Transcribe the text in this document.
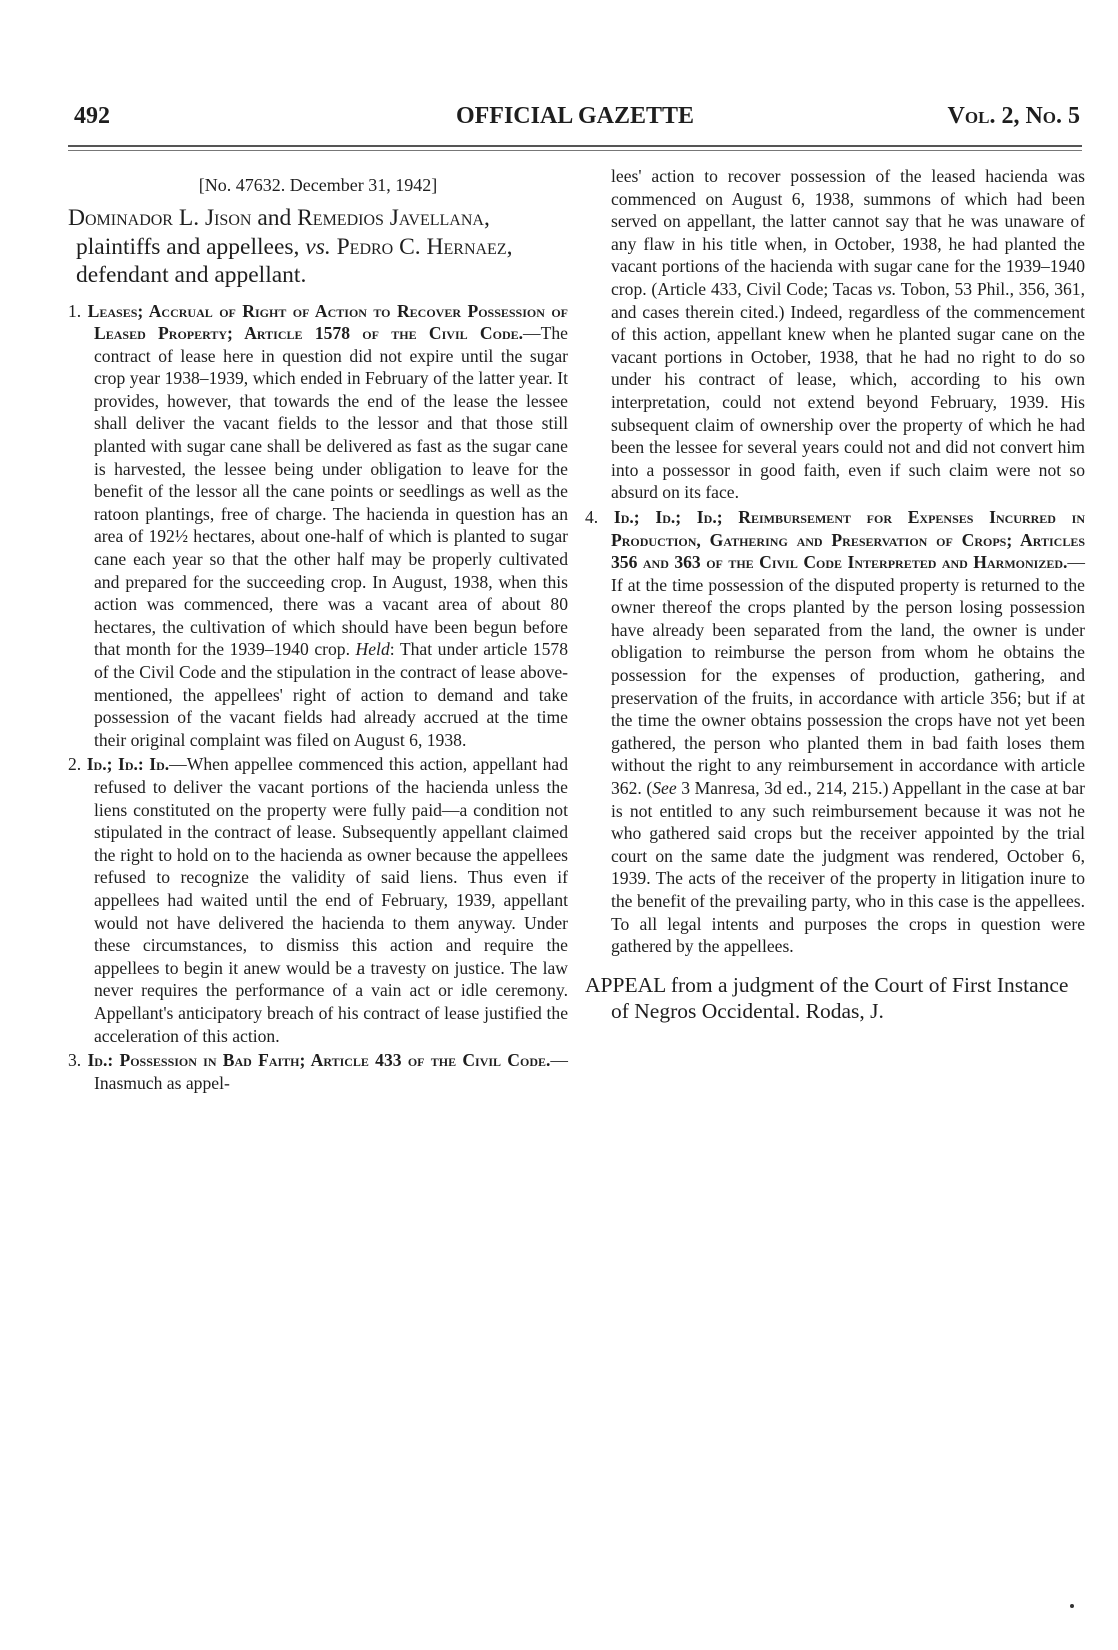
492	OFFICIAL GAZETTE	Vol. 2, No. 5
[No. 47632. December 31, 1942]
Dominador L. Jison and Remedios Javellana, plaintiffs and appellees, vs. Pedro C. Hernaez, defendant and appellant.

1. Leases; Accrual of Right of Action to Recover Possession of Leased Property; Article 1578 of the Civil Code.—The contract of lease here in question did not expire until the sugar crop year 1938–1939, which ended in February of the latter year. It provides, however, that towards the end of the lease the lessee shall deliver the vacant fields to the lessor and that those still planted with sugar cane shall be delivered as fast as the sugar cane is harvested, the lessee being under obligation to leave for the benefit of the lessor all the cane points or seedlings as well as the ratoon plantings, free of charge. The hacienda in question has an area of 192½ hectares, about one-half of which is planted to sugar cane each year so that the other half may be properly cultivated and prepared for the succeeding crop. In August, 1938, when this action was commenced, there was a vacant area of about 80 hectares, the cultivation of which should have been begun before that month for the 1939–1940 crop. Held: That under article 1578 of the Civil Code and the stipulation in the contract of lease above-mentioned, the appellees' right of action to demand and take possession of the vacant fields had already accrued at the time their original complaint was filed on August 6, 1938.

2. Id.; Id.: Id.—When appellee commenced this action, appellant had refused to deliver the vacant portions of the hacienda unless the liens constituted on the property were fully paid—a condition not stipulated in the contract of lease. Subsequently appellant claimed the right to hold on to the hacienda as owner because the appellees refused to recognize the validity of said liens. Thus even if appellees had waited until the end of February, 1939, appellant would not have delivered the hacienda to them anyway. Under these circumstances, to dismiss this action and require the appellees to begin it anew would be a travesty on justice. The law never requires the performance of a vain act or idle ceremony. Appellant's anticipatory breach of his contract of lease justified the acceleration of this action.

3. Id.: Possession in Bad Faith; Article 433 of the Civil Code.—Inasmuch as appel-

lees' action to recover possession of the leased hacienda was commenced on August 6, 1938, summons of which had been served on appellant, the latter cannot say that he was unaware of any flaw in his title when, in October, 1938, he had planted the vacant portions of the hacienda with sugar cane for the 1939–1940 crop. (Article 433, Civil Code; Tacas vs. Tobon, 53 Phil., 356, 361, and cases therein cited.) Indeed, regardless of the commencement of this action, appellant knew when he planted sugar cane on the vacant portions in October, 1938, that he had no right to do so under his contract of lease, which, according to his own interpretation, could not extend beyond February, 1939. His subsequent claim of ownership over the property of which he had been the lessee for several years could not and did not convert him into a possessor in good faith, even if such claim were not so absurd on its face.

4. Id.; Id.; Id.; Reimbursement for Expenses Incurred in Production, Gathering and Preservation of Crops; Articles 356 and 363 of the Civil Code Interpreted and Harmonized.—If at the time possession of the disputed property is returned to the owner thereof the crops planted by the person losing possession have already been separated from the land, the owner is under obligation to reimburse the person from whom he obtains the possession for the expenses of production, gathering, and preservation of the fruits, in accordance with article 356; but if at the time the owner obtains possession the crops have not yet been gathered, the person who planted them in bad faith loses them without the right to any reimbursement in accordance with article 362. (See 3 Manresa, 3d ed., 214, 215.) Appellant in the case at bar is not entitled to any such reimbursement because it was not he who gathered said crops but the receiver appointed by the trial court on the same date the judgment was rendered, October 6, 1939. The acts of the receiver of the property in litigation inure to the benefit of the prevailing party, who in this case is the appellees. To all legal intents and purposes the crops in question were gathered by the appellees.

APPEAL from a judgment of the Court of First Instance of Negros Occidental. Rodas, J.
